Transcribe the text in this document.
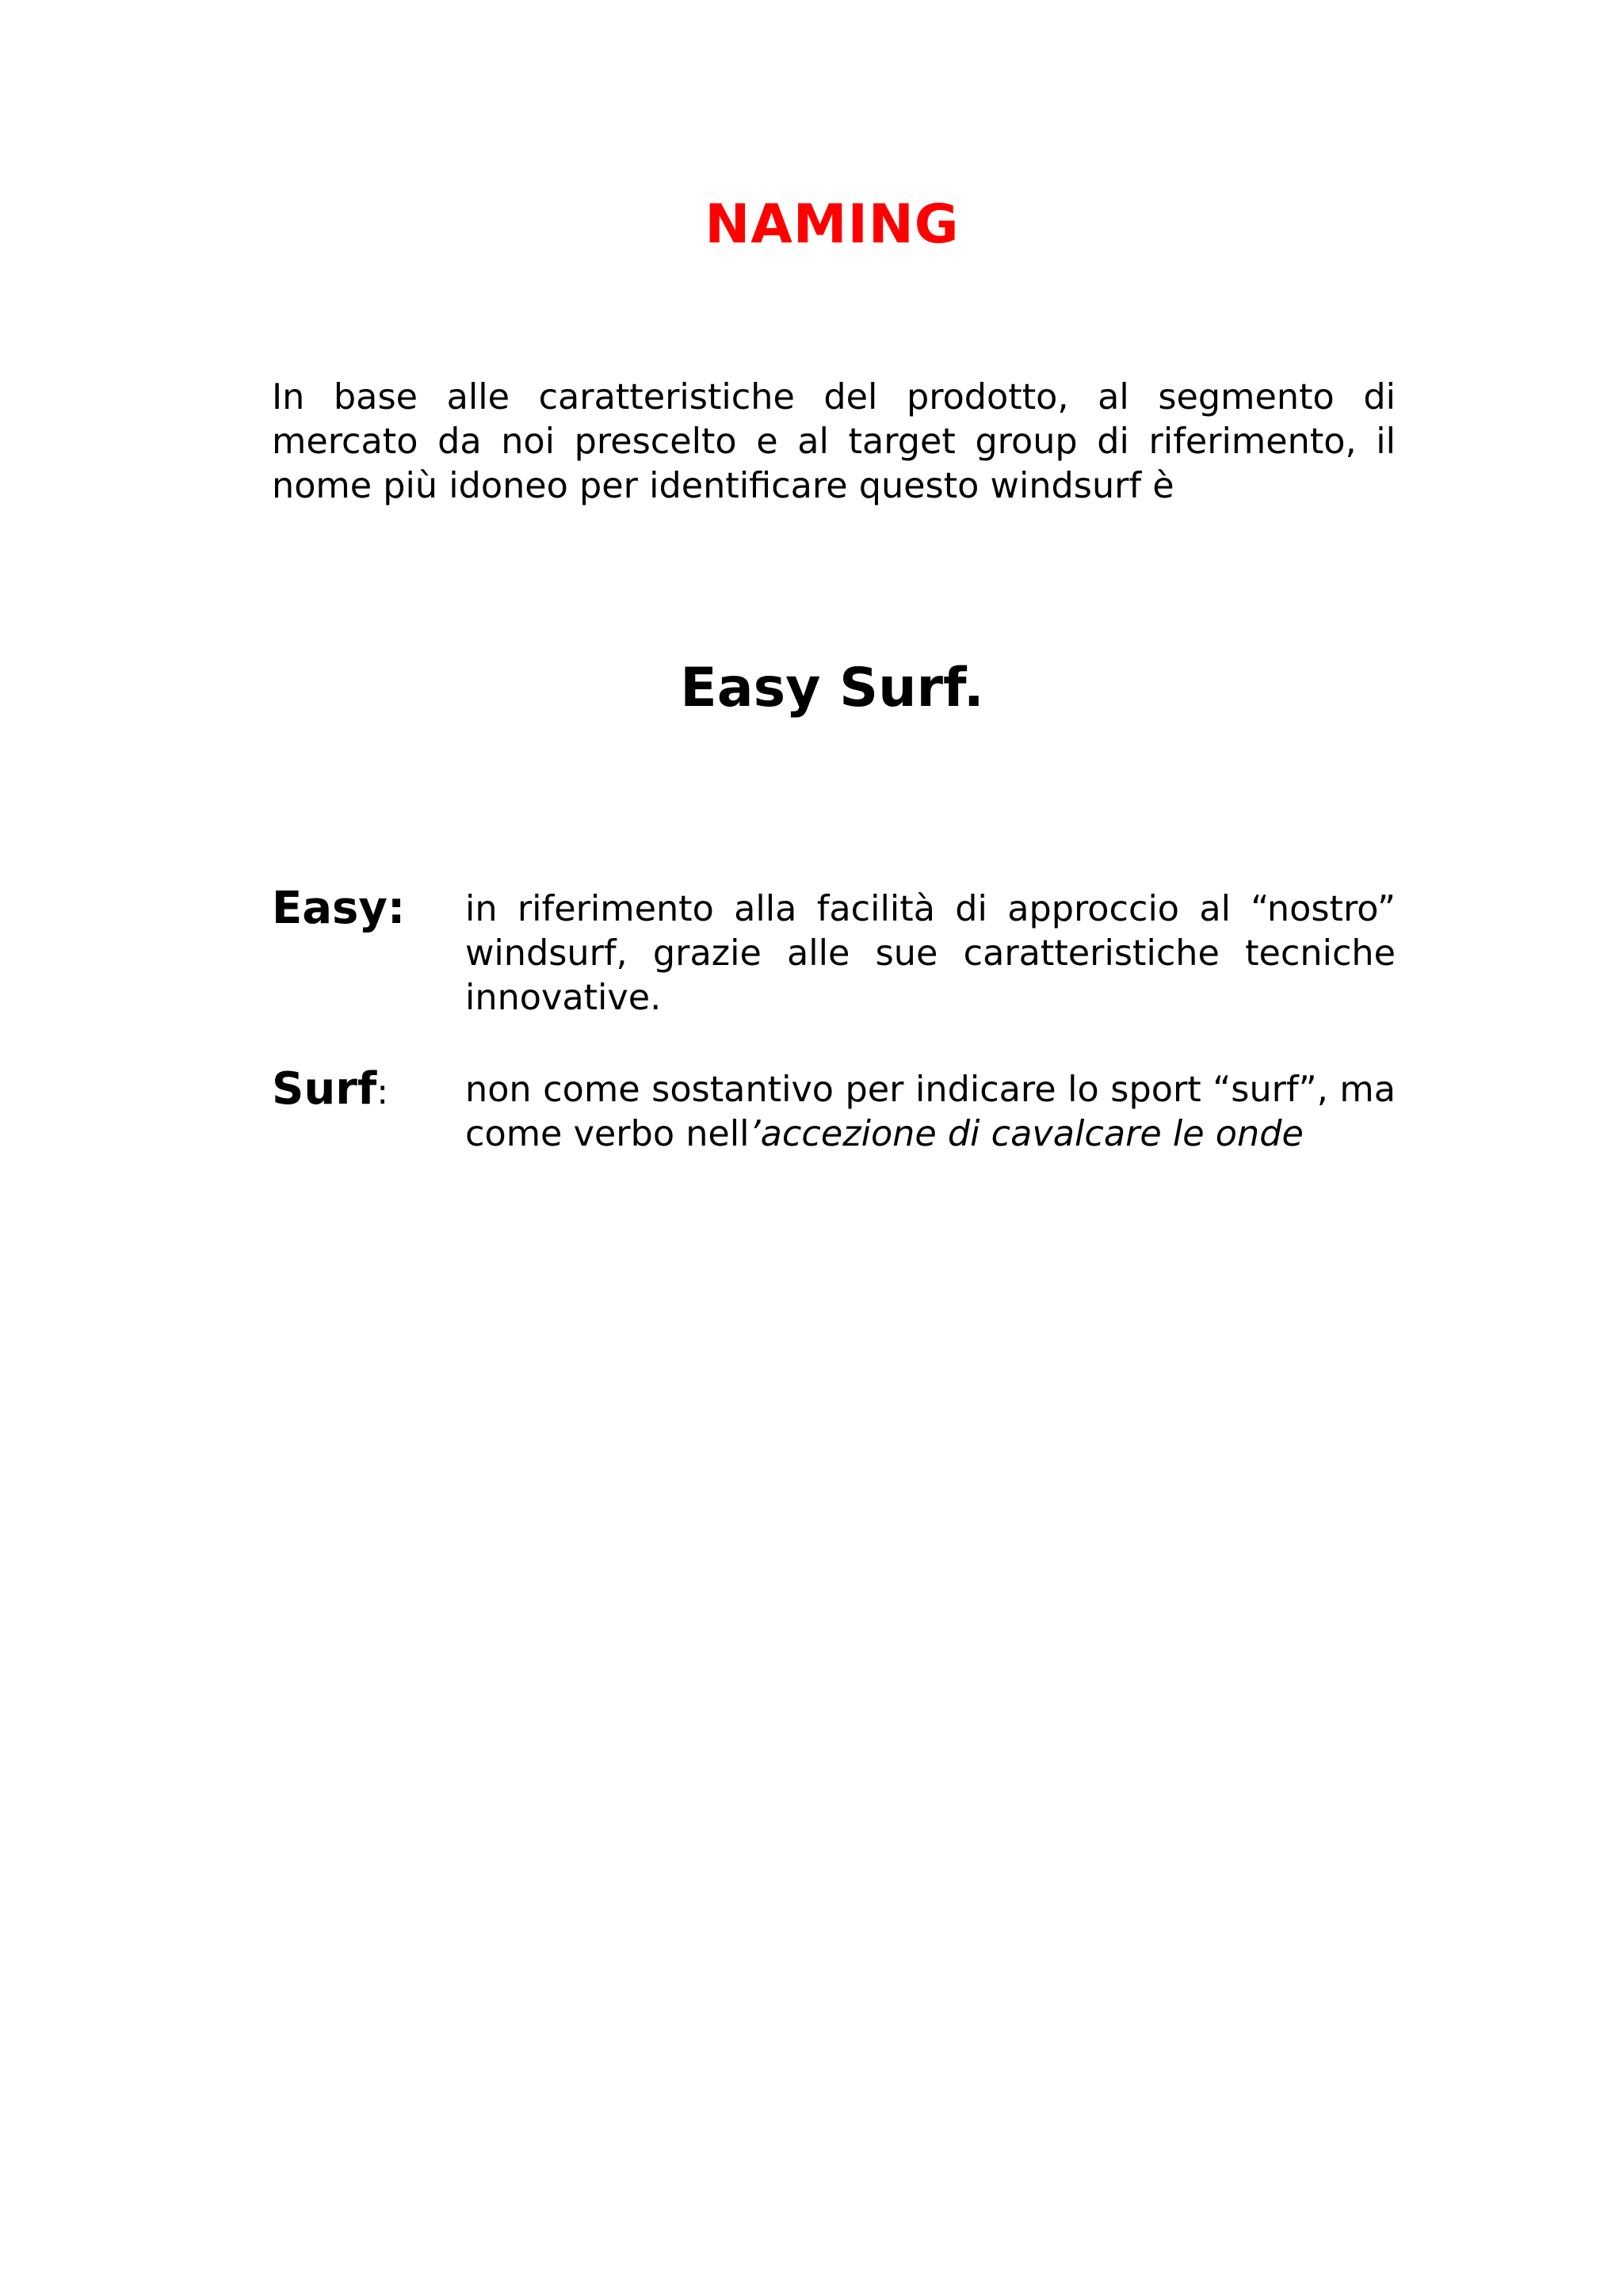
NAMING

In base alle caratteristiche del prodotto, al segmento di mercato da noi prescelto e al target group di riferimento, il nome più idoneo per identificare questo windsurf è

Easy Surf.
Easy:	in riferimento alla facilità di approccio al “nostro” windsurf, grazie alle sue caratteristiche tecniche innovative.

Surf:	non come sostantivo per indicare lo sport “surf”, ma come verbo nell’accezione di cavalcare le onde
